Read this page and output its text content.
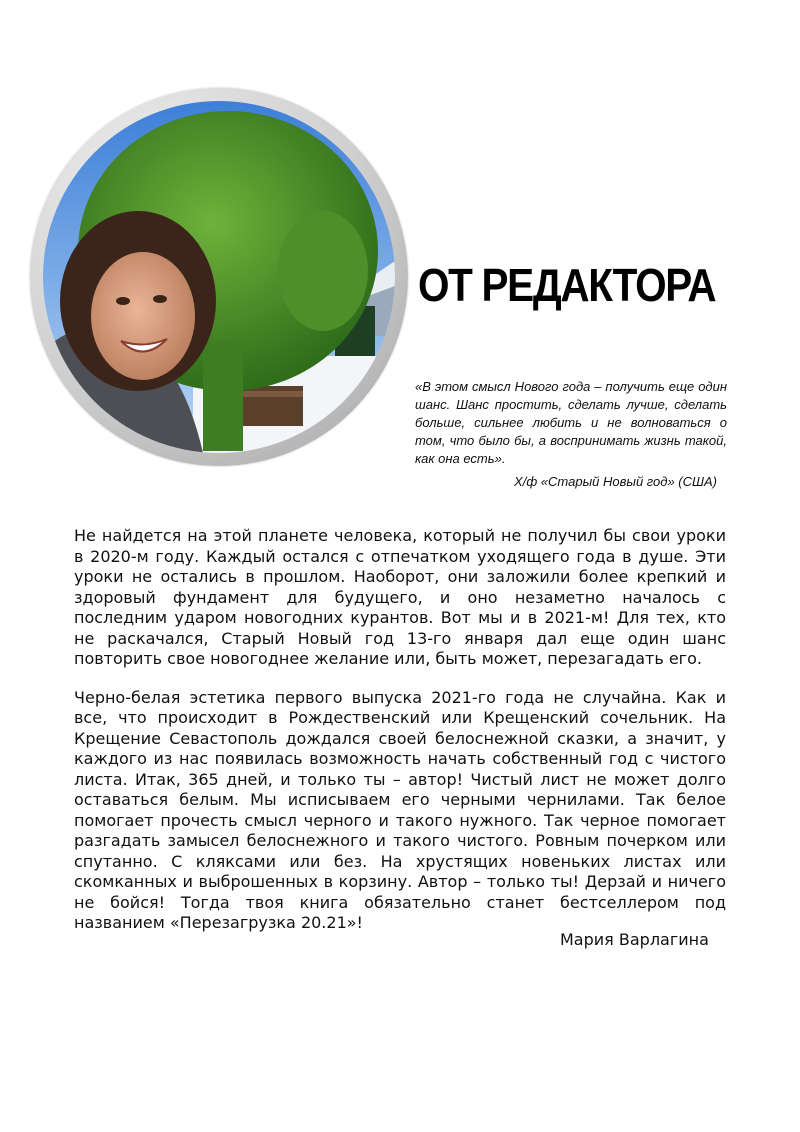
ОТ РЕДАКТОРА
«В этом смысл Нового года – получить еще один шанс. Шанс простить, сделать лучше, сделать больше, сильнее любить и не волноваться о том, что было бы, а воспринимать жизнь такой, как она есть».
Х/ф «Старый Новый год» (США)

Не найдется на этой планете человека, который не получил бы свои уроки в 2020-м году. Каждый остался с отпечатком уходящего года в душе. Эти уроки не остались в прошлом. Наоборот, они заложили более крепкий и здоровый фундамент для будущего, и оно незаметно началось с последним ударом новогодних курантов. Вот мы и в 2021-м! Для тех, кто не раскачался, Старый Новый год 13-го января дал еще один шанс повторить свое новогоднее желание или, быть может, перезагадать его.

Черно-белая эстетика первого выпуска 2021-го года не случайна. Как и все, что происходит в Рождественский или Крещенский сочельник. На Крещение Севастополь дождался своей белоснежной сказки, а значит, у каждого из нас появилась возможность начать собственный год с чистого листа. Итак, 365 дней, и только ты – автор! Чистый лист не может долго оставаться белым. Мы исписываем его черными чернилами. Так белое помогает прочесть смысл черного и такого нужного. Так черное помогает разгадать замысел белоснежного и такого чистого. Ровным почерком или спутанно. С кляксами или без. На хрустящих новеньких листах или скомканных и выброшенных в корзину. Автор – только ты! Дерзай и ничего не бойся! Тогда твоя книга обязательно станет бестселлером под названием «Перезагрузка 20.21»!

Мария Варлагина
